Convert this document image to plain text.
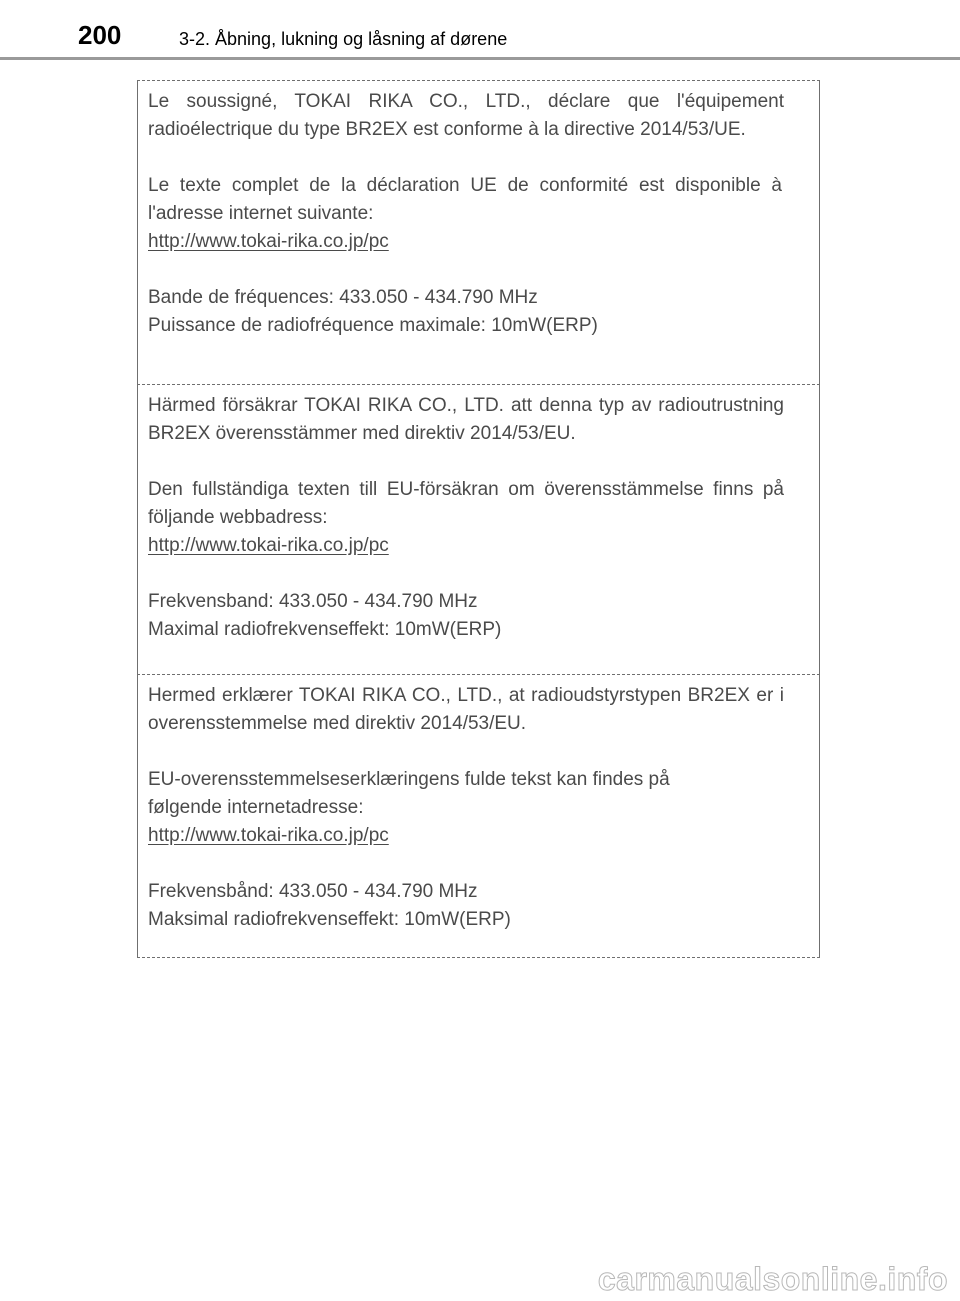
200	3-2. Åbning, lukning og låsning af dørene

Le soussigné, TOKAI RIKA CO., LTD., déclare que l'équipement radioélectrique du type BR2EX est conforme à la directive 2014/53/UE.

Le texte complet de la déclaration UE de conformité est disponible à l'adresse internet suivante:

http://www.tokai-rika.co.jp/pc

Bande de fréquences: 433.050 - 434.790 MHz

Puissance de radiofréquence maximale: 10mW(ERP)

Härmed försäkrar TOKAI RIKA CO., LTD. att denna typ av radioutrustning BR2EX överensstämmer med direktiv 2014/53/EU.

Den fullständiga texten till EU-försäkran om överensstämmelse finns på följande webbadress:

http://www.tokai-rika.co.jp/pc

Frekvensband: 433.050 - 434.790 MHz

Maximal radiofrekvenseffekt: 10mW(ERP)

Hermed erklærer TOKAI RIKA CO., LTD., at radioudstyrstypen BR2EX er i overensstemmelse med direktiv 2014/53/EU.

EU-overensstemmelseserklæringens fulde tekst kan findes på følgende internetadresse:

http://www.tokai-rika.co.jp/pc

Frekvensbånd: 433.050 - 434.790 MHz

Maksimal radiofrekvenseffekt: 10mW(ERP)

carmanualsonline.info
